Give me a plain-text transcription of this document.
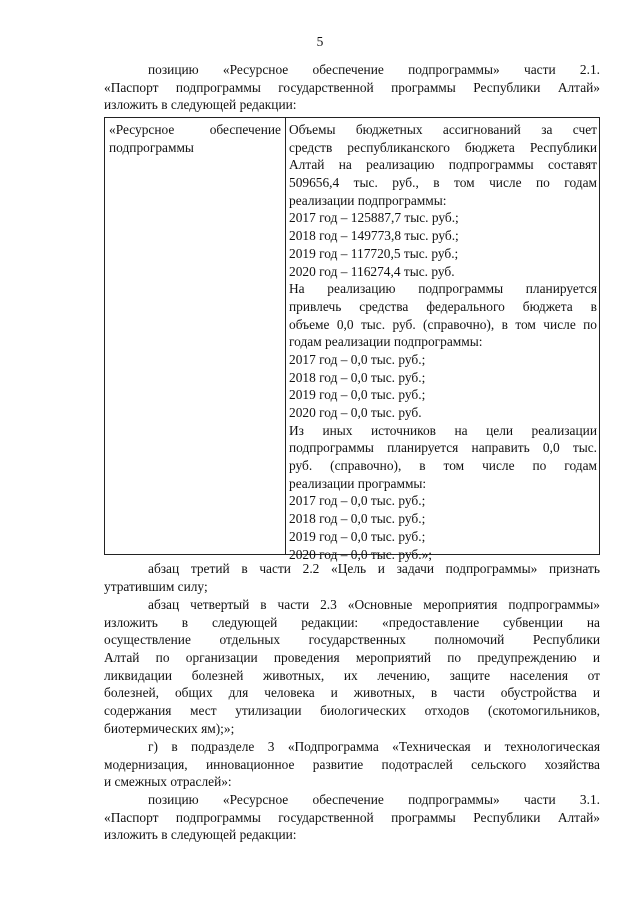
5
позицию «Ресурсное обеспечение подпрограммы» части 2.1.
«Паспорт подпрограммы государственной программы Республики Алтай»
изложить в следующей редакции:
«Ресурсное обеспечение
подпрограммы
Объемы бюджетных ассигнований за счет
средств республиканского бюджета Республики
Алтай на реализацию подпрограммы составят
509656,4 тыс. руб., в том числе по годам
реализации подпрограммы:
2017 год – 125887,7 тыс. руб.;
2018 год – 149773,8 тыс. руб.;
2019 год – 117720,5 тыс. руб.;
2020 год – 116274,4 тыс. руб.
На реализацию подпрограммы планируется
привлечь средства федерального бюджета в
объеме 0,0 тыс. руб. (справочно), в том числе по
годам реализации подпрограммы:
2017 год – 0,0 тыс. руб.;
2018 год – 0,0 тыс. руб.;
2019 год – 0,0 тыс. руб.;
2020 год – 0,0 тыс. руб.
Из иных источников на цели реализации
подпрограммы планируется направить 0,0 тыс.
руб. (справочно), в том числе по годам
реализации программы:
2017 год – 0,0 тыс. руб.;
2018 год – 0,0 тыс. руб.;
2019 год – 0,0 тыс. руб.;
2020 год – 0,0 тыс. руб.»;
абзац третий в части 2.2 «Цель и задачи подпрограммы» признать
утратившим силу;
абзац четвертый в части 2.3 «Основные мероприятия подпрограммы»
изложить в следующей редакции: «предоставление субвенции на
осуществление отдельных государственных полномочий Республики
Алтай по организации проведения мероприятий по предупреждению и
ликвидации болезней животных, их лечению, защите населения от
болезней, общих для человека и животных, в части обустройства и
содержания мест утилизации биологических отходов (скотомогильников,
биотермических ям);»;
г) в подразделе 3 «Подпрограмма «Техническая и технологическая
модернизация, инновационное развитие подотраслей сельского хозяйства
и смежных отраслей»:
позицию «Ресурсное обеспечение подпрограммы» части 3.1.
«Паспорт подпрограммы государственной программы Республики Алтай»
изложить в следующей редакции:
